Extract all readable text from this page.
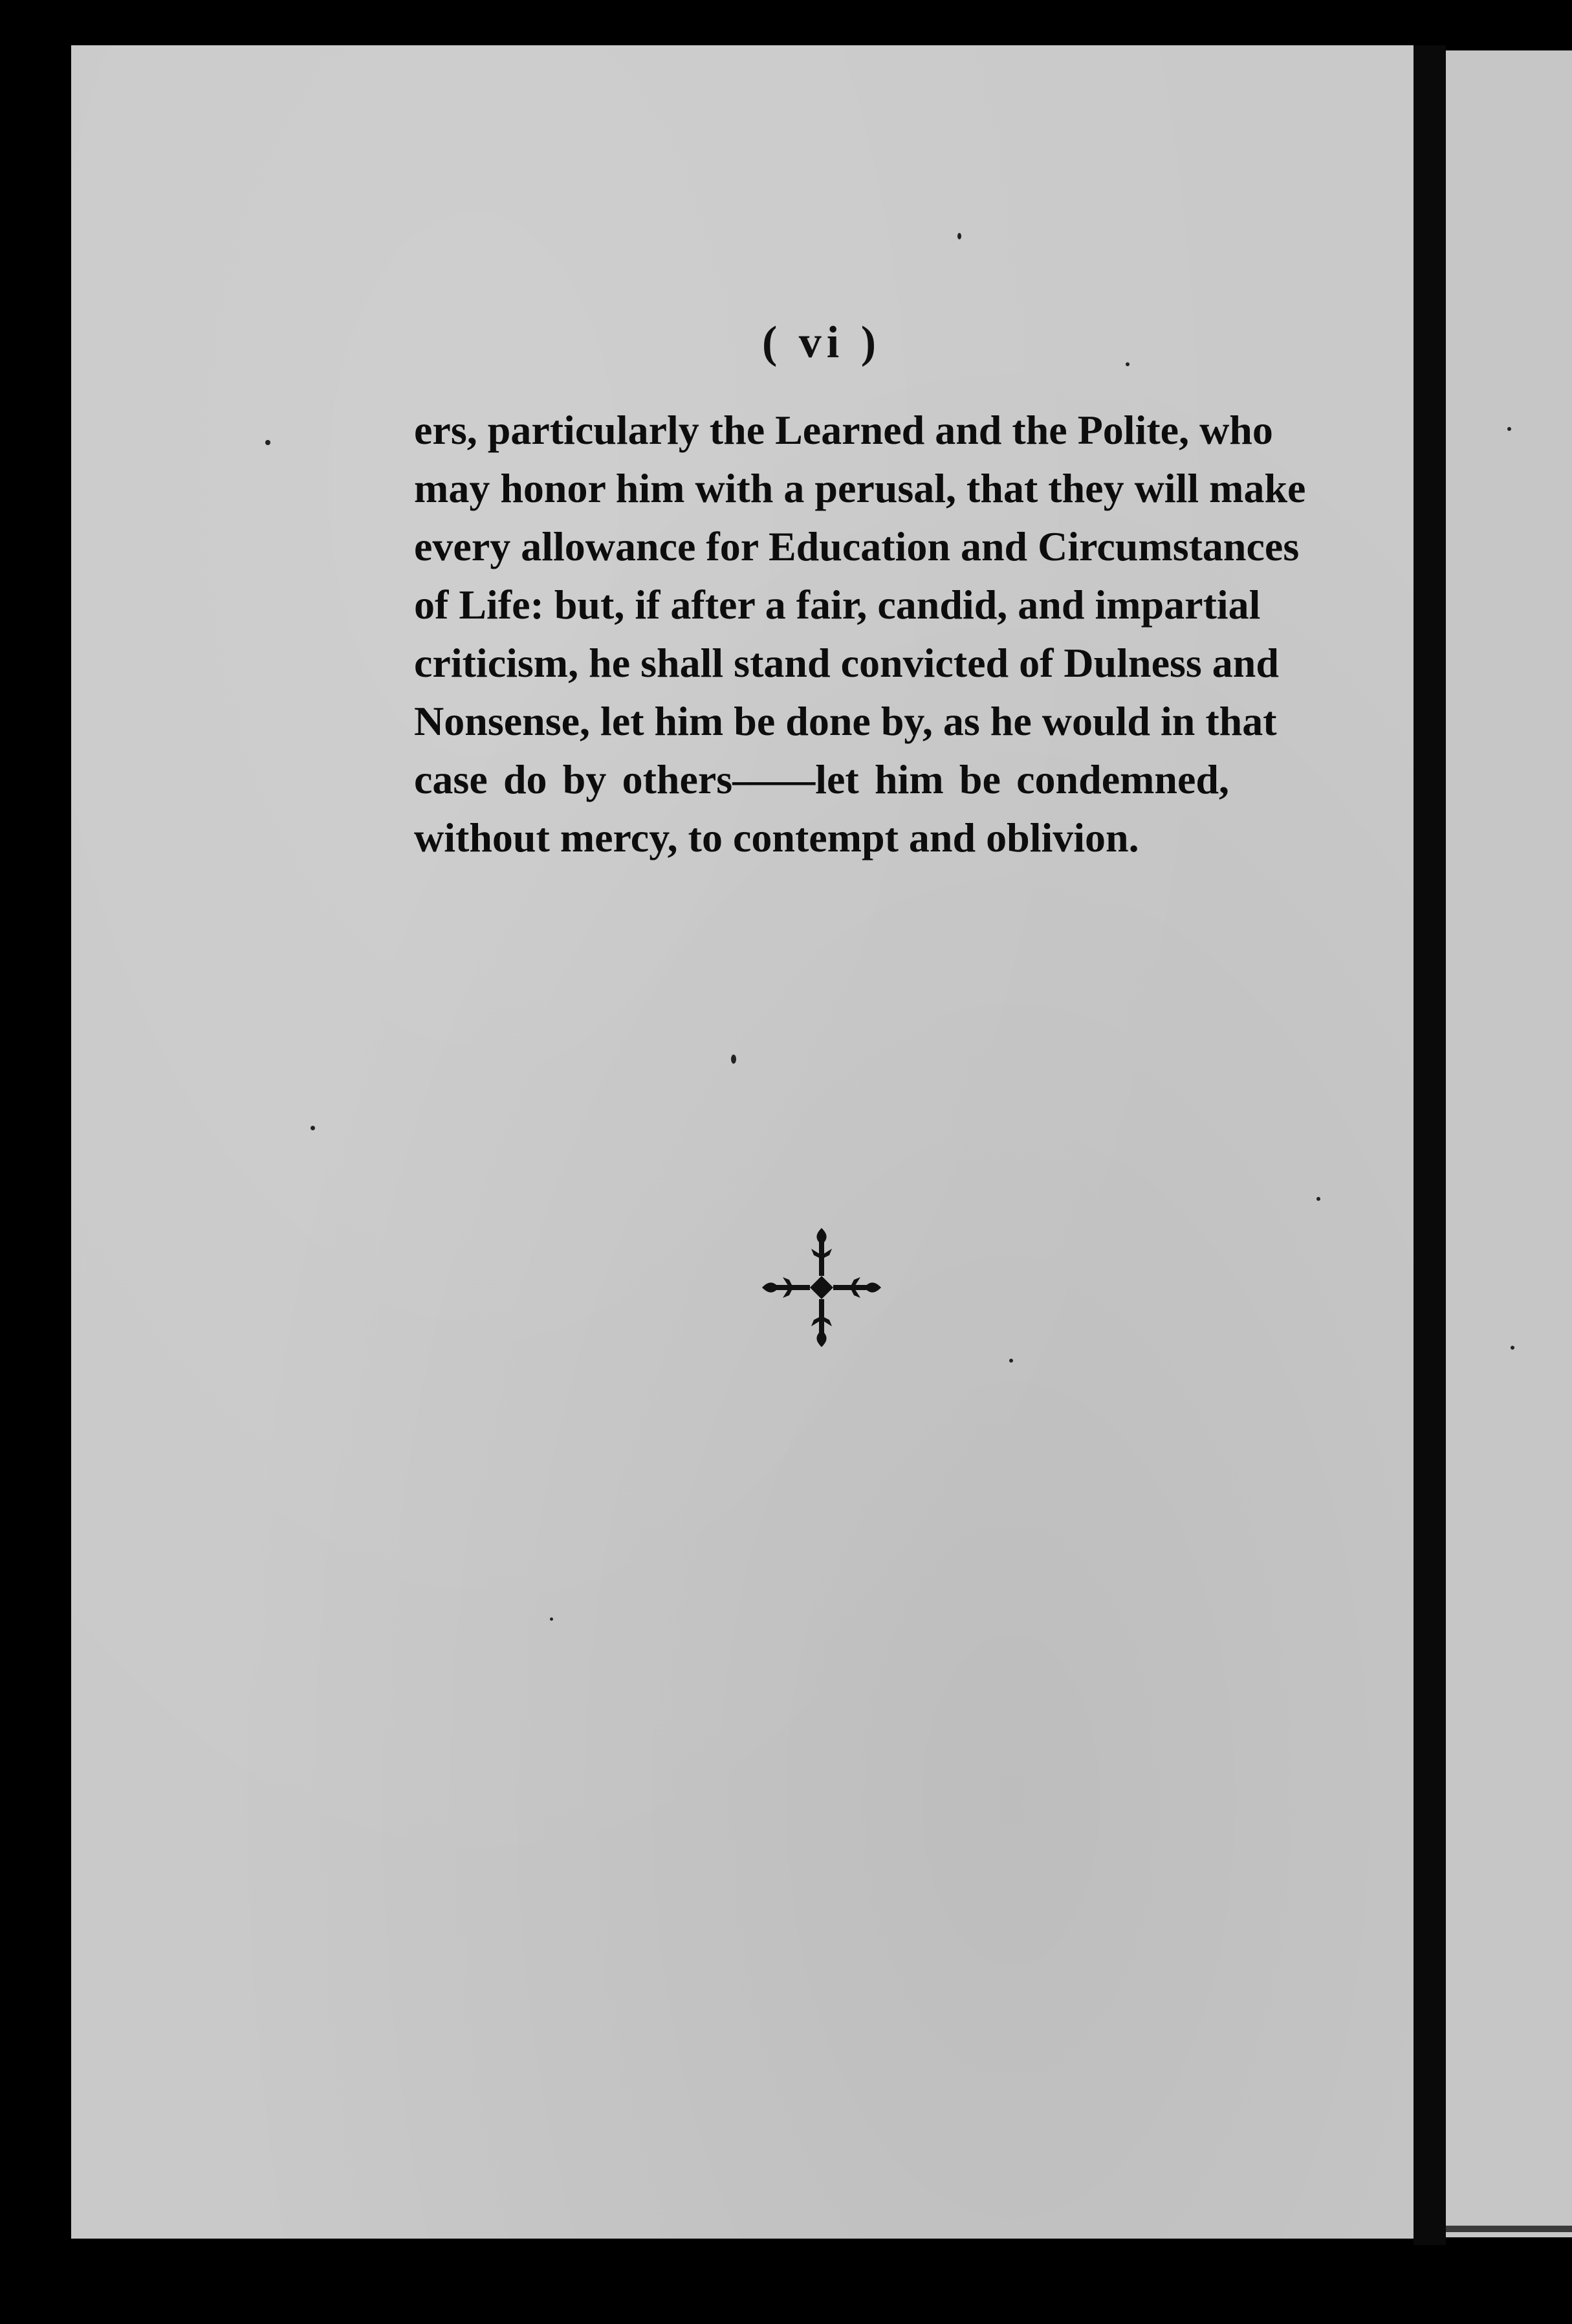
( vi )
ers, particularly the Learned and the Polite, who
may honor him with a perusal, that they will make
every allowance for Education and Circumstances
of Life: but, if after a fair, candid, and impartial
criticism, he shall stand convicted of Dulness and
Nonsense, let him be done by, as he would in that
case do by others——let him be condemned,
without mercy, to contempt and oblivion.
